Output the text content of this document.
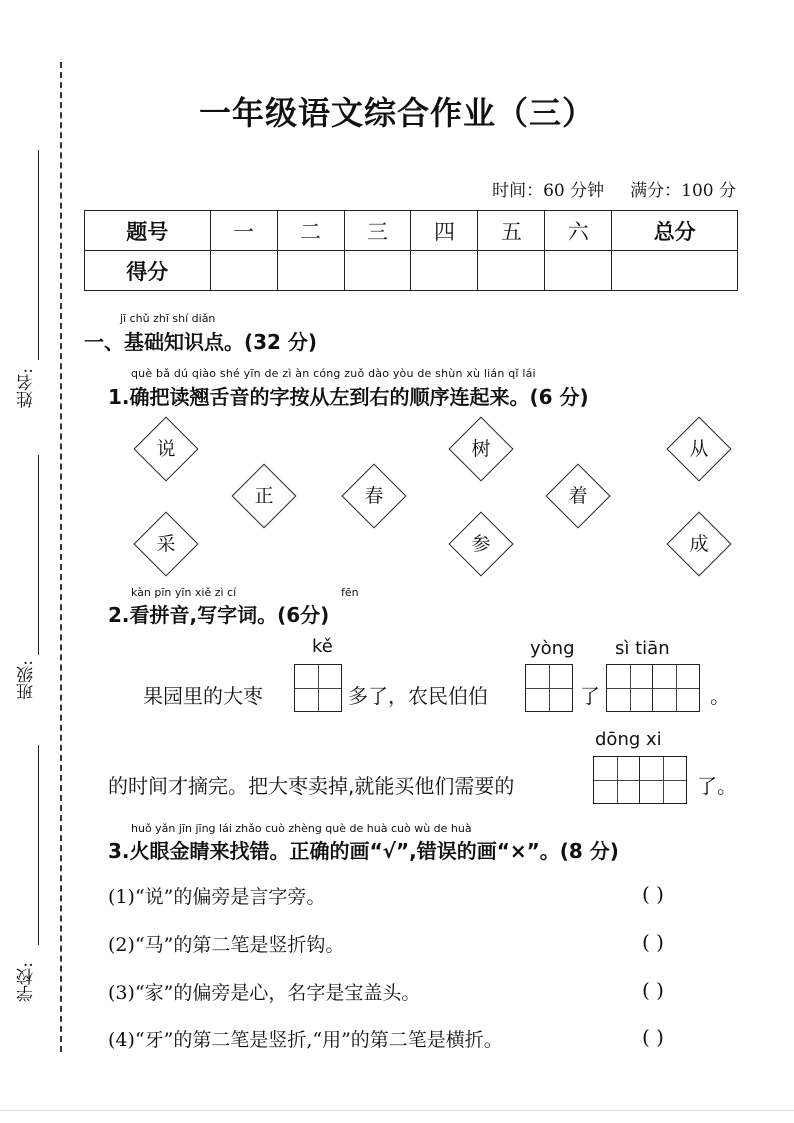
姓名:
班级:
学校:
一年级语文综合作业（三）
时间：60 分钟 满分：100 分
题号	一	二	三	四	五	六	总分
得分							
jī chǔ zhī shí diǎn
一、基础知识点。(32 分)
què bǎ dú qiào shé yīn de zì àn cóng zuǒ dào yòu de shùn xù lián qǐ lái
1.确把读翘舌音的字按从左到右的顺序连起来。(6 分)
说	树	从
正	春	着
采	参	成
kàn pīn yīn xiě zì cí	fēn
2.看拼音,写字词。(6分)
kě	yòng sì tiān
果园里的大枣	多了，农民伯伯	了	。
dōng xi
的时间才摘完。把大枣卖掉,就能买他们需要的	了。
huǒ yǎn jīn jīng lái zhǎo cuò zhèng què de huà cuò wù de huà
3.火眼金睛来找错。正确的画“√”,错误的画“×”。(8 分)
(1)“说”的偏旁是言字旁。	( )
(2)“马”的第二笔是竖折钩。	( )
(3)“家”的偏旁是心，名字是宝盖头。	( )
(4)“牙”的第二笔是竖折,“用”的第二笔是横折。	( )
